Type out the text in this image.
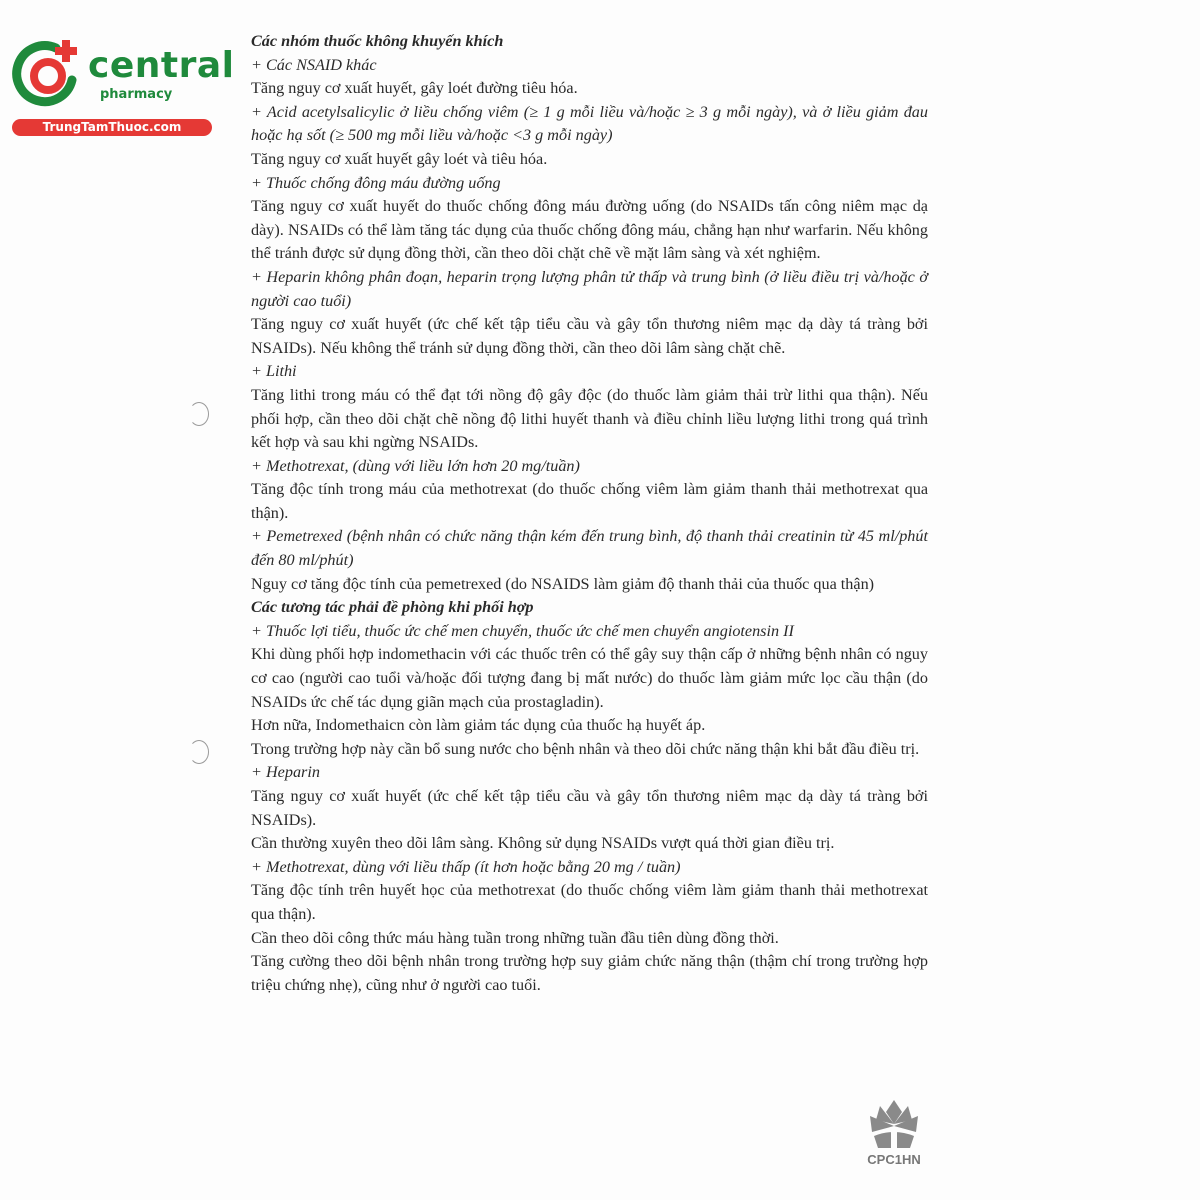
central
pharmacy
TrungTamThuoc.com

Các nhóm thuốc không khuyến khích

+ Các NSAID khác

Tăng nguy cơ xuất huyết, gây loét đường tiêu hóa.

+ Acid acetylsalicylic ở liều chống viêm (≥ 1 g mỗi liều và/hoặc ≥ 3 g mỗi ngày), và ở liều giảm đau hoặc hạ sốt (≥ 500 mg mỗi liều và/hoặc <3 g mỗi ngày)

Tăng nguy cơ xuất huyết gây loét và tiêu hóa.

+ Thuốc chống đông máu đường uống

Tăng nguy cơ xuất huyết do thuốc chống đông máu đường uống (do NSAIDs tấn công niêm mạc dạ dày). NSAIDs có thể làm tăng tác dụng của thuốc chống đông máu, chẳng hạn như warfarin. Nếu không thể tránh được sử dụng đồng thời, cần theo dõi chặt chẽ về mặt lâm sàng và xét nghiệm.

+ Heparin không phân đoạn, heparin trọng lượng phân tử thấp và trung bình (ở liều điều trị và/hoặc ở người cao tuổi)

Tăng nguy cơ xuất huyết (ức chế kết tập tiểu cầu và gây tổn thương niêm mạc dạ dày tá tràng bởi NSAIDs). Nếu không thể tránh sử dụng đồng thời, cần theo dõi lâm sàng chặt chẽ.

+ Lithi

Tăng lithi trong máu có thể đạt tới nồng độ gây độc (do thuốc làm giảm thải trừ lithi qua thận). Nếu phối hợp, cần theo dõi chặt chẽ nồng độ lithi huyết thanh và điều chỉnh liều lượng lithi trong quá trình kết hợp và sau khi ngừng NSAIDs.

+ Methotrexat, (dùng với liều lớn hơn 20 mg/tuần)

Tăng độc tính trong máu của methotrexat (do thuốc chống viêm làm giảm thanh thải methotrexat qua thận).

+ Pemetrexed (bệnh nhân có chức năng thận kém đến trung bình, độ thanh thải creatinin từ 45 ml/phút đến 80 ml/phút)

Nguy cơ tăng độc tính của pemetrexed (do NSAIDS làm giảm độ thanh thải của thuốc qua thận)

Các tương tác phải đề phòng khi phối hợp

+ Thuốc lợi tiểu, thuốc ức chế men chuyển, thuốc ức chế men chuyển angiotensin II

Khi dùng phối hợp indomethacin với các thuốc trên có thể gây suy thận cấp ở những bệnh nhân có nguy cơ cao (người cao tuổi và/hoặc đối tượng đang bị mất nước) do thuốc làm giảm mức lọc cầu thận (do NSAIDs ức chế tác dụng giãn mạch của prostagladin).

Hơn nữa, Indomethaicn còn làm giảm tác dụng của thuốc hạ huyết áp.

Trong trường hợp này cần bổ sung nước cho bệnh nhân và theo dõi chức năng thận khi bắt đầu điều trị.

+ Heparin

Tăng nguy cơ xuất huyết (ức chế kết tập tiểu cầu và gây tổn thương niêm mạc dạ dày tá tràng bởi NSAIDs).

Cần thường xuyên theo dõi lâm sàng. Không sử dụng NSAIDs vượt quá thời gian điều trị.

+ Methotrexat, dùng với liều thấp (ít hơn hoặc bằng 20 mg / tuần)

Tăng độc tính trên huyết học của methotrexat (do thuốc chống viêm làm giảm thanh thải methotrexat qua thận).

Cần theo dõi công thức máu hàng tuần trong những tuần đầu tiên dùng đồng thời.

Tăng cường theo dõi bệnh nhân trong trường hợp suy giảm chức năng thận (thậm chí trong trường hợp triệu chứng nhẹ), cũng như ở người cao tuổi.

CPC1HN
